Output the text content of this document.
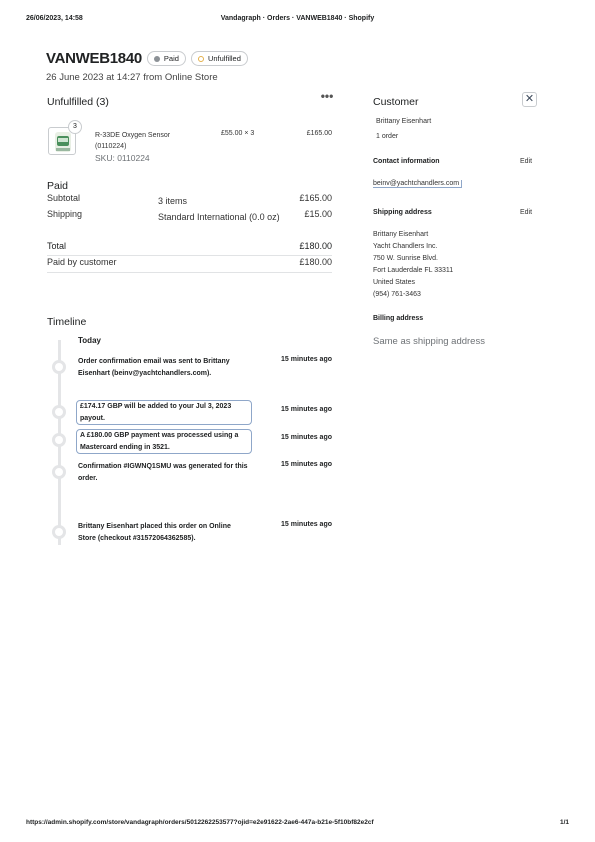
26/06/2023, 14:58	Vandagraph · Orders · VANWEB1840 · Shopify
VANWEB1840	Paid	Unfulfilled
26 June 2023 at 14:27 from Online Store
Unfulfilled (3)	•••
3
R-33DE Oxygen Sensor (0110224)
SKU: 0110224
£55.00 × 3	£165.00
Paid
Subtotal	3 items	£165.00
Shipping	Standard International (0.0 oz)	£15.00
Total	£180.00
Paid by customer	£180.00
Timeline
Today
Order confirmation email was sent to Brittany Eisenhart (beinv@yachtchandlers.com).
15 minutes ago
£174.17 GBP will be added to your Jul 3, 2023 payout.
15 minutes ago
A £180.00 GBP payment was processed using a Mastercard ending in 3521.
15 minutes ago
Confirmation #IGWNQ1SMU was generated for this order.
15 minutes ago
Brittany Eisenhart placed this order on Online Store (checkout #31572064362585).
15 minutes ago
Customer	✕
Brittany Eisenhart
1 order
Contact information	Edit
beinv@yachtchandlers.com
Shipping address	Edit
Brittany Eisenhart
Yacht Chandlers Inc.
750 W. Sunrise Blvd.
Fort Lauderdale FL 33311
United States
(954) 761-3463
Billing address
Same as shipping address
https://admin.shopify.com/store/vandagraph/orders/5012262253577?ojid=e2e91622-2ae6-447a-b21e-5f10bf82e2cf	1/1
